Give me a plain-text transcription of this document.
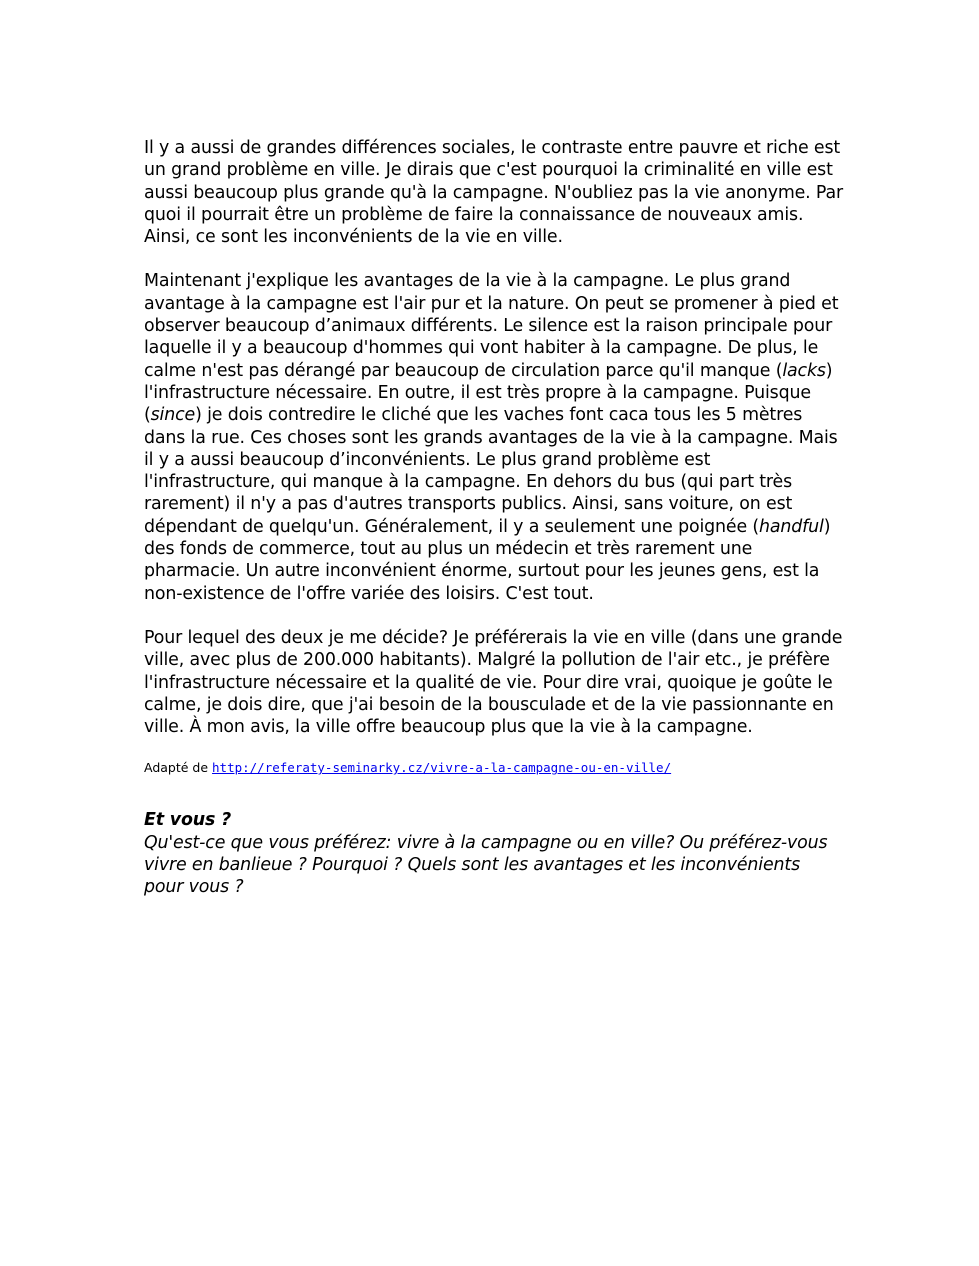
Il y a aussi de grandes différences sociales, le contraste entre pauvre et riche est un grand problème en ville. Je dirais que c'est pourquoi la criminalité en ville est aussi beaucoup plus grande qu'à la campagne. N'oubliez pas la vie anonyme. Par quoi il pourrait être un problème de faire la connaissance de nouveaux amis. Ainsi, ce sont les inconvénients de la vie en ville.

Maintenant j'explique les avantages de la vie à la campagne. Le plus grand avantage à la campagne est l'air pur et la nature. On peut se promener à pied et observer beaucoup d’animaux différents. Le silence est la raison principale pour laquelle il y a beaucoup d'hommes qui vont habiter à la campagne. De plus, le calme n'est pas dérangé par beaucoup de circulation parce qu'il manque (lacks) l'infrastructure nécessaire. En outre, il est très propre à la campagne. Puisque (since) je dois contredire le cliché que les vaches font caca tous les 5 mètres dans la rue. Ces choses sont les grands avantages de la vie à la campagne. Mais il y a aussi beaucoup d’inconvénients. Le plus grand problème est l'infrastructure, qui manque à la campagne. En dehors du bus (qui part très rarement) il n'y a pas d'autres transports publics. Ainsi, sans voiture, on est dépendant de quelqu'un. Généralement, il y a seulement une poignée (handful) des fonds de commerce, tout au plus un médecin et très rarement une pharmacie. Un autre inconvénient énorme, surtout pour les jeunes gens, est la non-existence de l'offre variée des loisirs. C'est tout.

Pour lequel des deux je me décide? Je préférerais la vie en ville (dans une grande ville, avec plus de 200.000 habitants). Malgré la pollution de l'air etc., je préfère l'infrastructure nécessaire et la qualité de vie. Pour dire vrai, quoique je goûte le calme, je dois dire, que j'ai besoin de la bousculade et de la vie passionnante en ville. À mon avis, la ville offre beaucoup plus que la vie à la campagne.

Adapté de http://referaty-seminarky.cz/vivre-a-la-campagne-ou-en-ville/

Et vous ?
Qu'est-ce que vous préférez: vivre à la campagne ou en ville? Ou préférez-vous vivre en banlieue ? Pourquoi ? Quels sont les avantages et les inconvénients pour vous ?
